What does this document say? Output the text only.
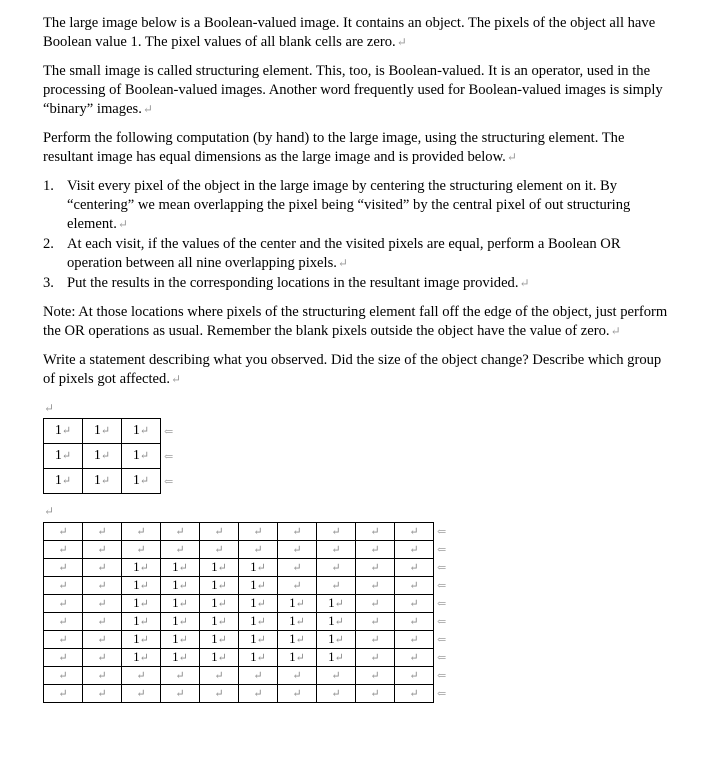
The large image below is a Boolean-valued image. It contains an object. The pixels of the object all have Boolean value 1. The pixel values of all blank cells are zero.↵

The small image is called structuring element. This, too, is Boolean-valued. It is an operator, used in the processing of Boolean-valued images. Another word frequently used for Boolean-valued images is simply “binary” images.↵

Perform the following computation (by hand) to the large image, using the structuring element. The resultant image has equal dimensions as the large image and is provided below.↵

1. Visit every pixel of the object in the large image by centering the structuring element on it. By “centering” we mean overlapping the pixel being “visited” by the central pixel of out structuring element.↵
2. At each visit, if the values of the center and the visited pixels are equal, perform a Boolean OR operation between all nine overlapping pixels.↵
3. Put the results in the corresponding locations in the resultant image provided.↵

Note: At those locations where pixels of the structuring element fall off the edge of the object, just perform the OR operations as usual. Remember the blank pixels outside the object have the value of zero.↵

Write a statement describing what you observed. Did the size of the object change? Describe which group of pixels got affected.↵

↵
1↵	1↵	1↵
1↵	1↵	1↵
1↵	1↵	1↵
⇐
⇐
⇐
↵
↵	↵	↵	↵	↵	↵	↵	↵	↵	↵
↵	↵	↵	↵	↵	↵	↵	↵	↵	↵
↵	↵	1↵	1↵	1↵	1↵	↵	↵	↵	↵
↵	↵	1↵	1↵	1↵	1↵	↵	↵	↵	↵
↵	↵	1↵	1↵	1↵	1↵	1↵	1↵	↵	↵
↵	↵	1↵	1↵	1↵	1↵	1↵	1↵	↵	↵
↵	↵	1↵	1↵	1↵	1↵	1↵	1↵	↵	↵
↵	↵	1↵	1↵	1↵	1↵	1↵	1↵	↵	↵
↵	↵	↵	↵	↵	↵	↵	↵	↵	↵
↵	↵	↵	↵	↵	↵	↵	↵	↵	↵
⇐
⇐
⇐
⇐
⇐
⇐
⇐
⇐
⇐
⇐
